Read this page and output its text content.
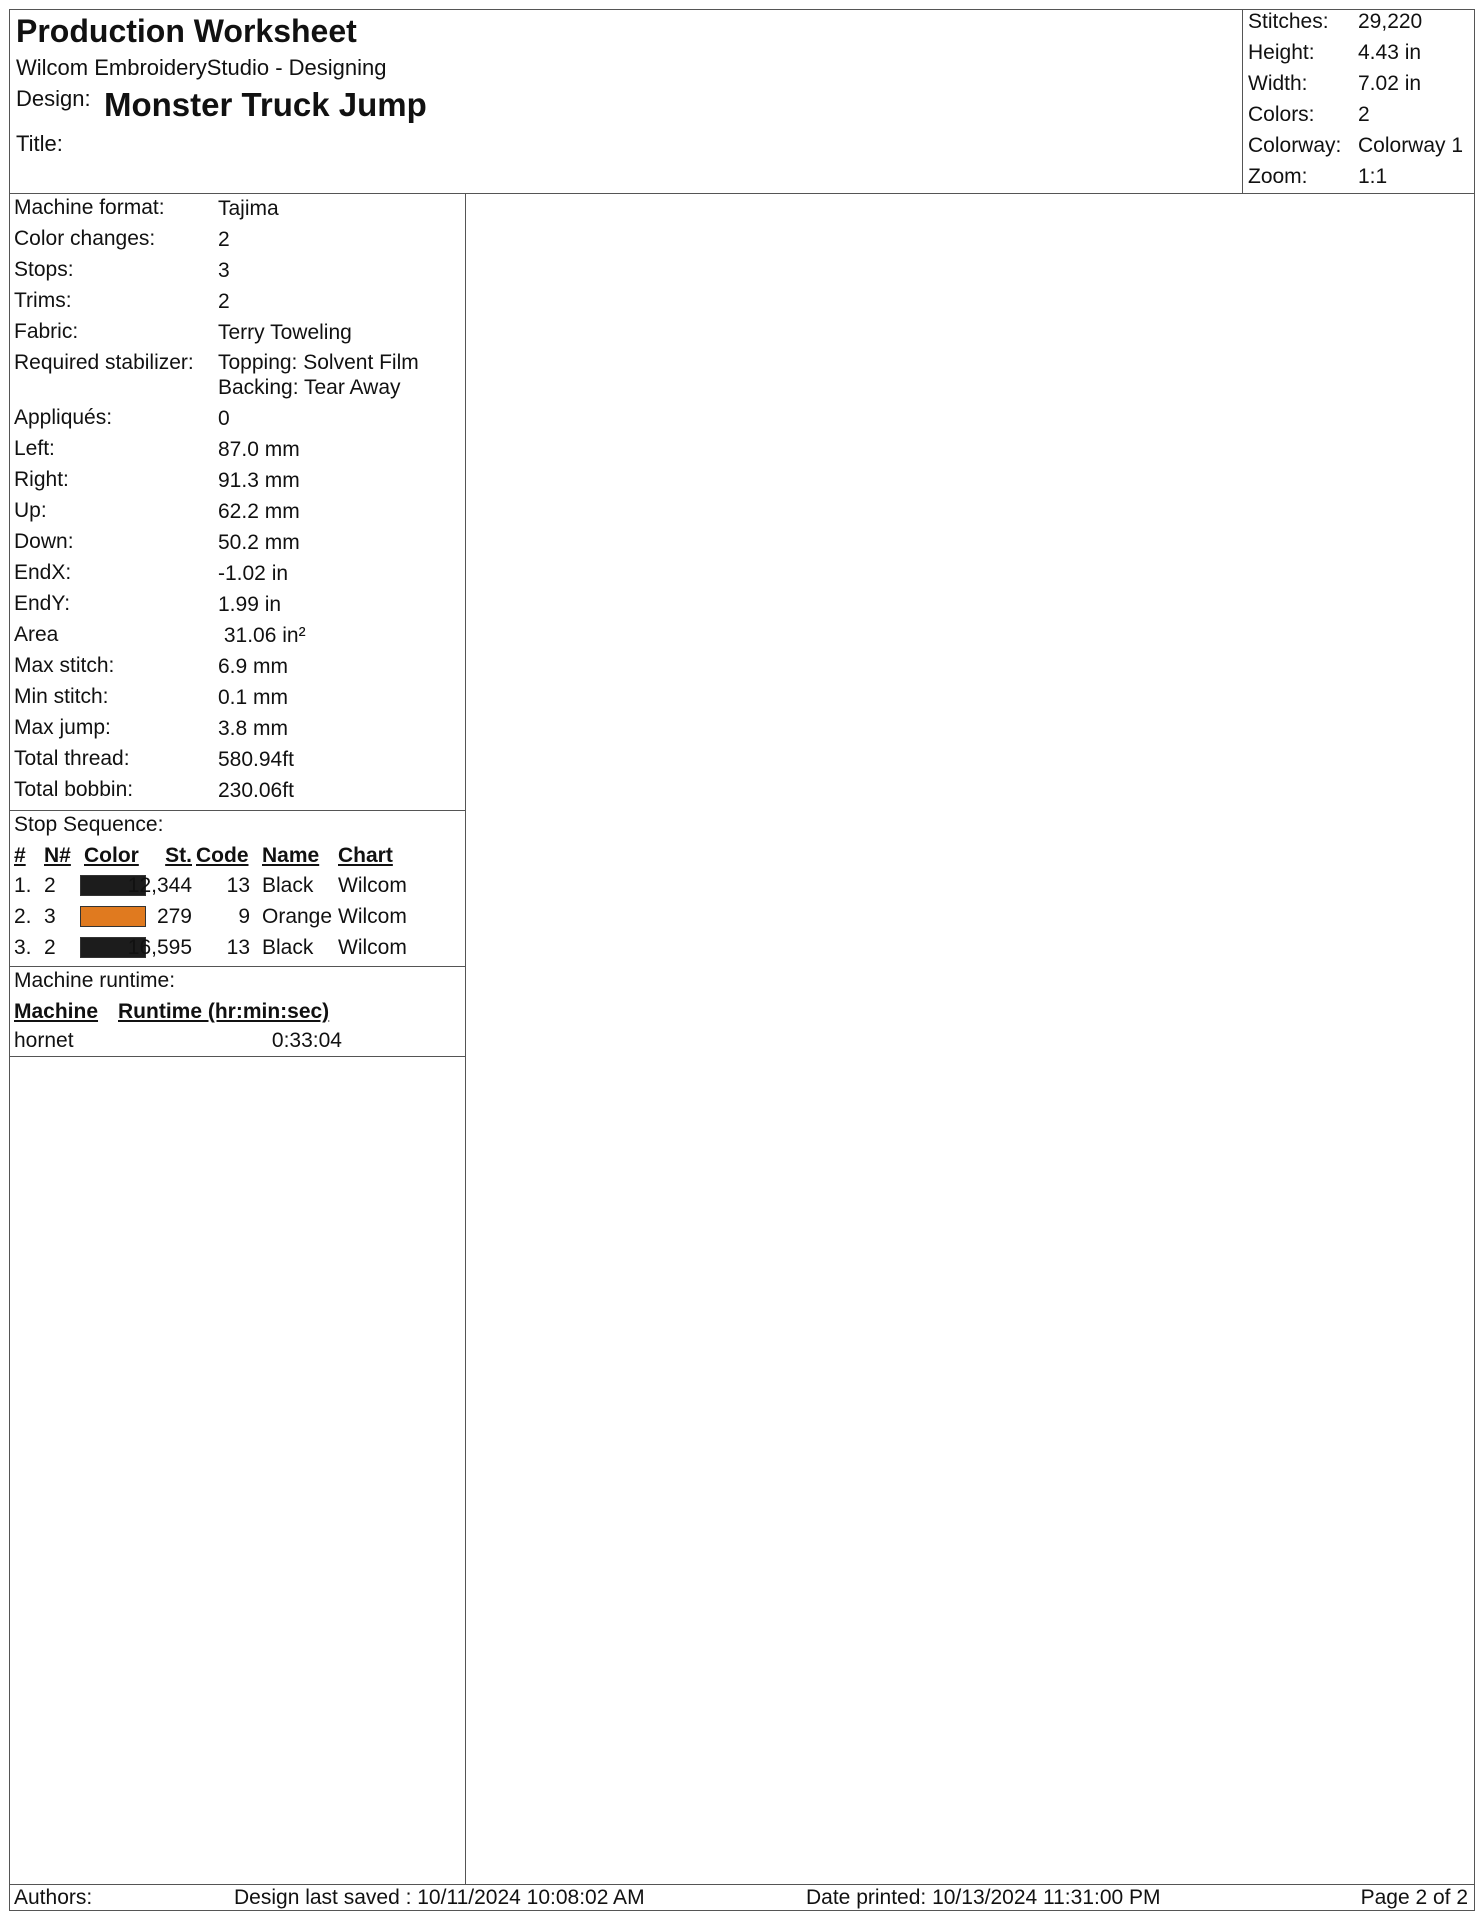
Production Worksheet
Wilcom EmbroideryStudio - Designing
Design: Monster Truck Jump
Title:
Stitches: 29,220
Height: 4.43 in
Width: 7.02 in
Colors: 2
Colorway: Colorway 1
Zoom: 1:1
Machine format:	Tajima
Color changes:	2
Stops:	3
Trims:	2
Fabric:	Terry Toweling
Required stabilizer: Topping: Solvent Film
Backing: Tear Away
Appliqués:	0
Left:	87.0 mm
Right:	91.3 mm
Up:	62.2 mm
Down:	50.2 mm
EndX:	-1.02 in
EndY:	1.99 in
Area	31.06 in²
Max stitch:	6.9 mm
Min stitch:	0.1 mm
Max jump:	3.8 mm
Total thread:	580.94ft
Total bobbin:	230.06ft
Stop Sequence:
# N# Color	St. Code Name Chart
1. 2	12,344	13 Black Wilcom
2. 3	279	9 Orange Wilcom
3. 2	16,595	13 Black Wilcom
Machine runtime:
Machine Runtime (hr:min:sec)
hornet	0:33:04
Authors:	Design last saved : 10/11/2024 10:08:02 AM	Date printed: 10/13/2024 11:31:00 PM	Page 2 of 2
